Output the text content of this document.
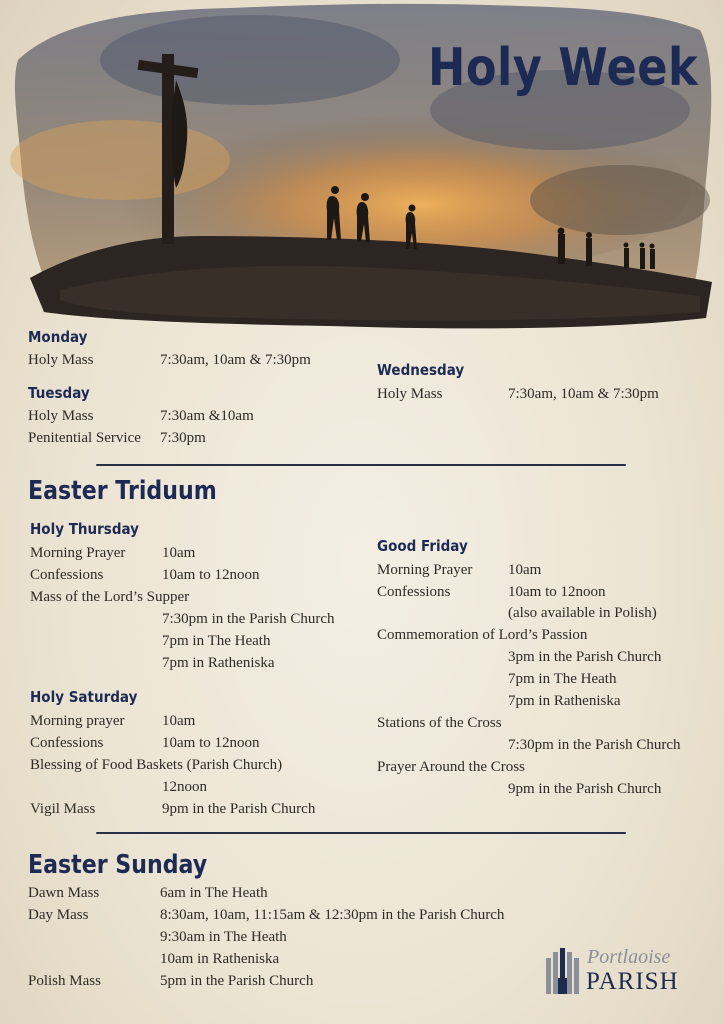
Holy Week
Monday
Holy Mass	7:30am, 10am & 7:30pm
Tuesday
Holy Mass	7:30am &10am
Penitential Service 7:30pm
Wednesday
Holy Mass	7:30am, 10am & 7:30pm
Easter Triduum
Holy Thursday
Morning Prayer 10am
Confessions	10am to 12noon
Mass of the Lord’s Supper
7:30pm in the Parish Church
7pm in The Heath
7pm in Ratheniska
Holy Saturday
Morning prayer 10am
Confessions	10am to 12noon
Blessing of Food Baskets (Parish Church)
12noon
Vigil Mass	9pm in the Parish Church
Good Friday
Morning Prayer 10am
Confessions	10am to 12noon
(also available in Polish)
Commemoration of Lord’s Passion
3pm in the Parish Church
7pm in The Heath
7pm in Ratheniska
Stations of the Cross
7:30pm in the Parish Church
Prayer Around the Cross
9pm in the Parish Church
Easter Sunday
Dawn Mass	6am in The Heath
Day Mass	8:30am, 10am, 11:15am & 12:30pm in the Parish Church
9:30am in The Heath
10am in Ratheniska
Polish Mass	5pm in the Parish Church
Portlaoise
PARISH
